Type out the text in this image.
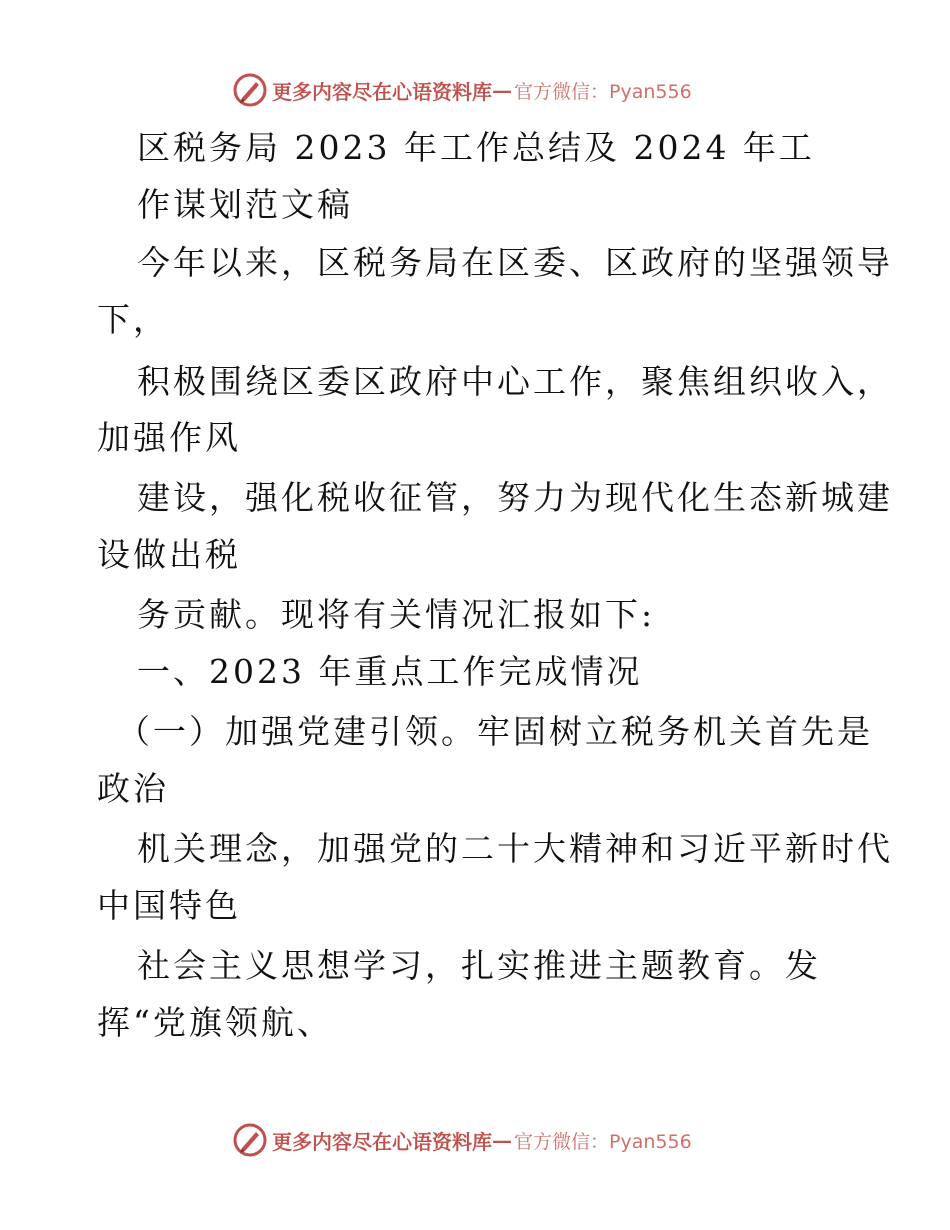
更多内容尽在心语资料库 — 官方微信：Pyan556
区税务局 2023 年工作总结及 2024 年工
作谋划范文稿
今年以来，区税务局在区委、区政府的坚强领导
下，
积极围绕区委区政府中心工作，聚焦组织收入，
加强作风
建设，强化税收征管，努力为现代化生态新城建
设做出税
务贡献。现将有关情况汇报如下:
一、2023 年重点工作完成情况
（一）加强党建引领。牢固树立税务机关首先是
政治
机关理念，加强党的二十大精神和习近平新时代
中国特色
社会主义思想学习，扎实推进主题教育。发
挥“党旗领航、
更多内容尽在心语资料库 — 官方微信：Pyan556
